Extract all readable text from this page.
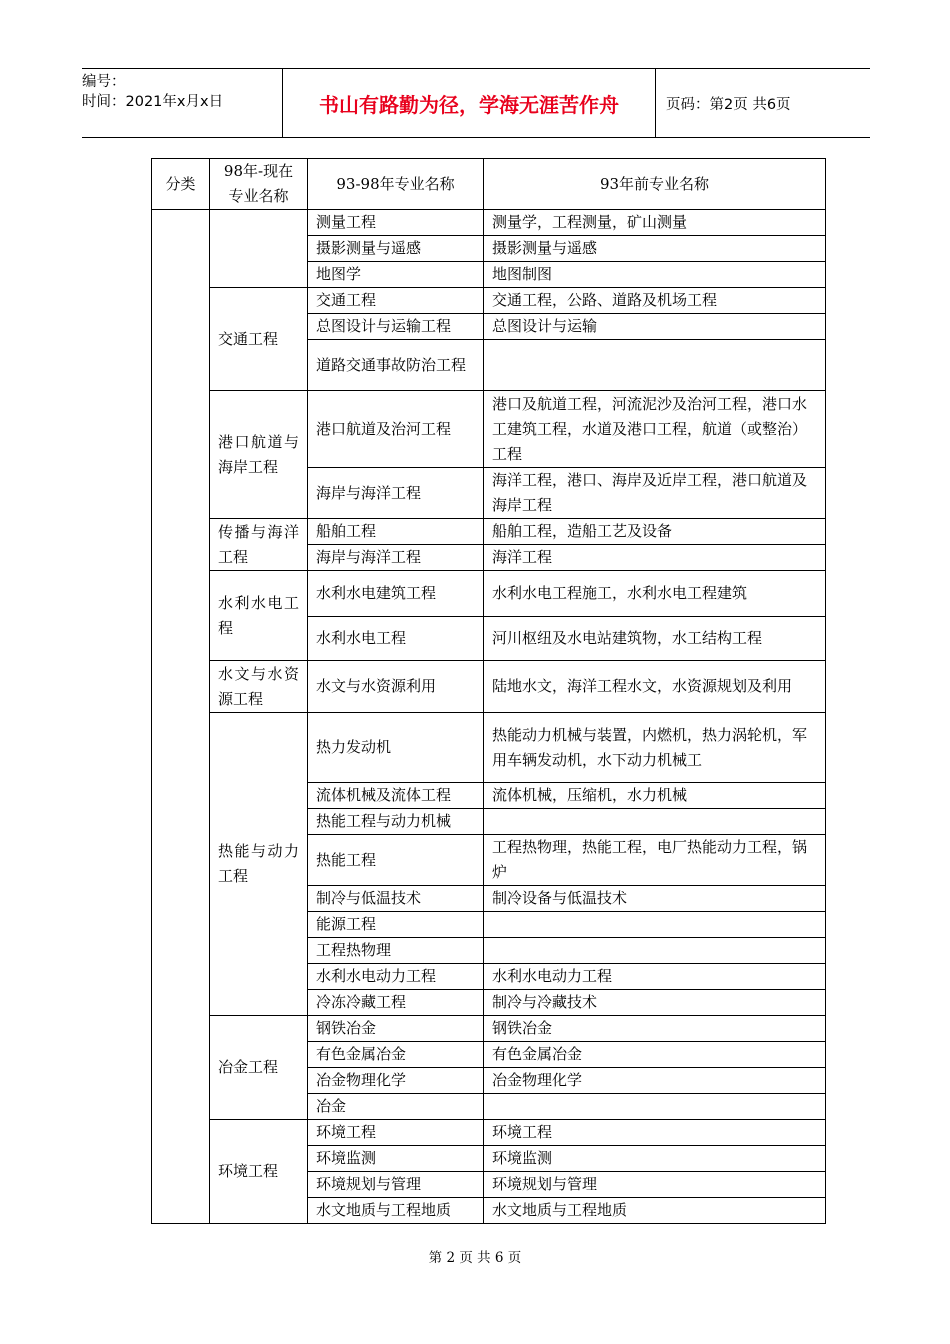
编号：
时间：2021年x月x日	书山有路勤为径，学海无涯苦作舟	页码：第2页 共6页
分类	98年-现在专业名称	93-98年专业名称	93年前专业名称
		测量工程	测量学，工程测量，矿山测量
		摄影测量与遥感	摄影测量与遥感
		地图学	地图制图
	交通工程	交通工程	交通工程，公路、道路及机场工程
		总图设计与运输工程	总图设计与运输
		道路交通事故防治工程	
	港口航道与海岸工程	港口航道及治河工程	港口及航道工程，河流泥沙及治河工程，港口水工建筑工程，水道及港口工程，航道（或整治）工程
		海岸与海洋工程	海洋工程，港口、海岸及近岸工程，港口航道及海岸工程
	传播与海洋工程	船舶工程	船舶工程，造船工艺及设备
		海岸与海洋工程	海洋工程
	水利水电工程	水利水电建筑工程	水利水电工程施工，水利水电工程建筑
		水利水电工程	河川枢纽及水电站建筑物，水工结构工程
	水文与水资源工程	水文与水资源利用	陆地水文，海洋工程水文，水资源规划及利用
	热能与动力工程	热力发动机	热能动力机械与装置，内燃机，热力涡轮机，军用车辆发动机，水下动力机械工
		流体机械及流体工程	流体机械，压缩机，水力机械
		热能工程与动力机械	
		热能工程	工程热物理，热能工程，电厂热能动力工程，锅炉
		制冷与低温技术	制冷设备与低温技术
		能源工程	
		工程热物理	
		水利水电动力工程	水利水电动力工程
		冷冻冷藏工程	制冷与冷藏技术
	冶金工程	钢铁冶金	钢铁冶金
		有色金属冶金	有色金属冶金
		冶金物理化学	冶金物理化学
		冶金	
	环境工程	环境工程	环境工程
		环境监测	环境监测
		环境规划与管理	环境规划与管理
		水文地质与工程地质	水文地质与工程地质
第 2 页 共 6 页
